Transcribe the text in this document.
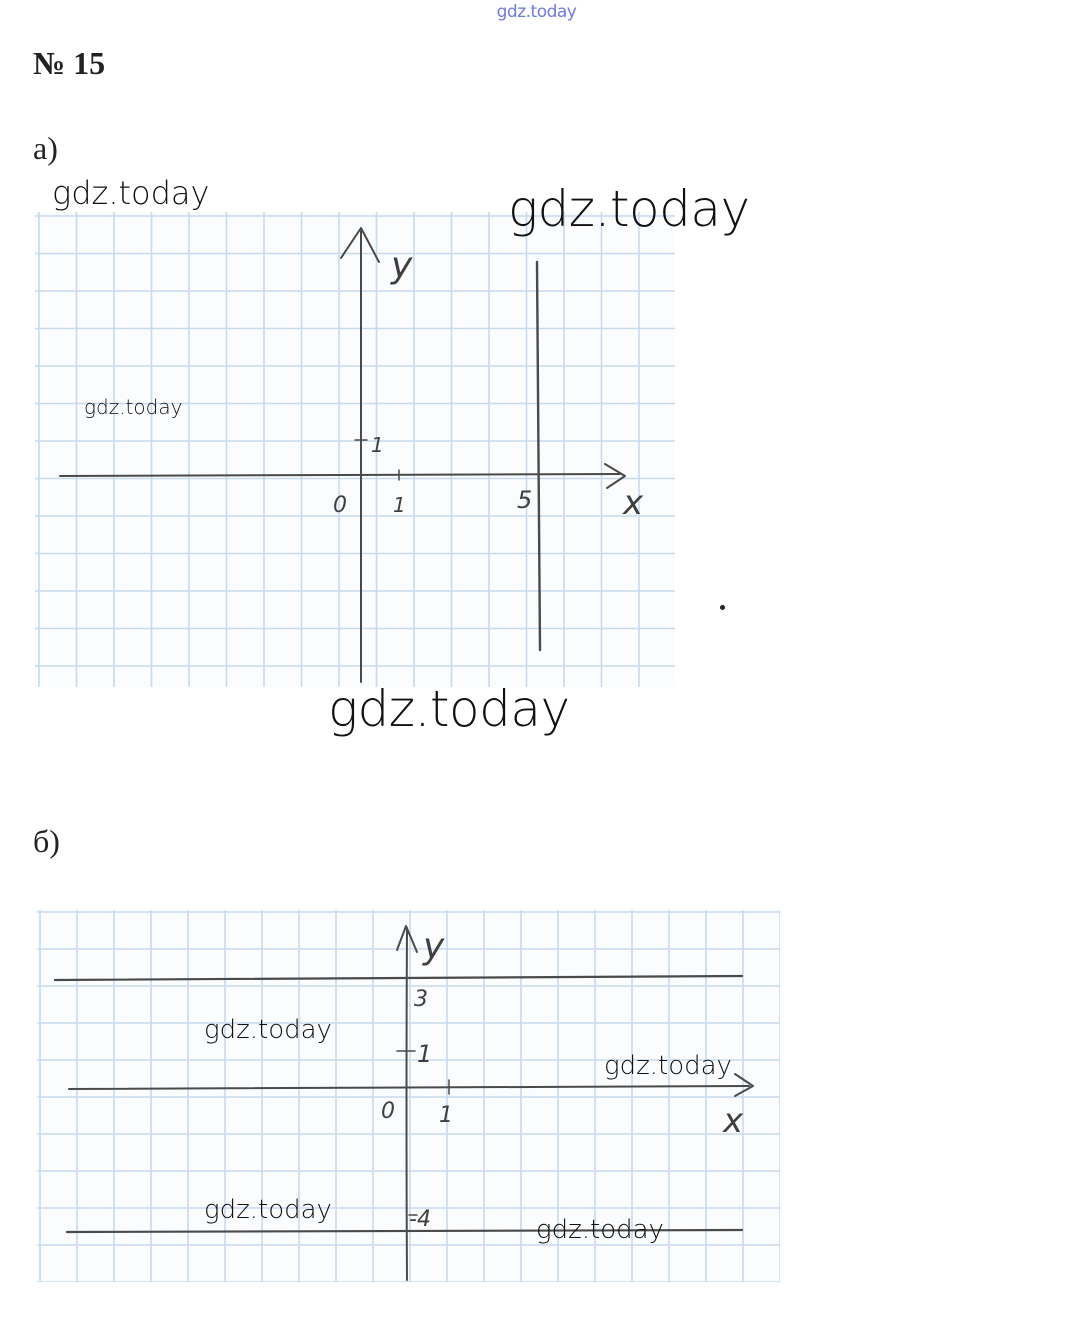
gdz.today
№ 15
а)
y
x
0 1
1
5
б)
y
x
0 1
1
3
-4
gdz.today	gdz.today
gdz.today
gdz.today
gdz.today
gdz.today
gdz.today
gdz.today
